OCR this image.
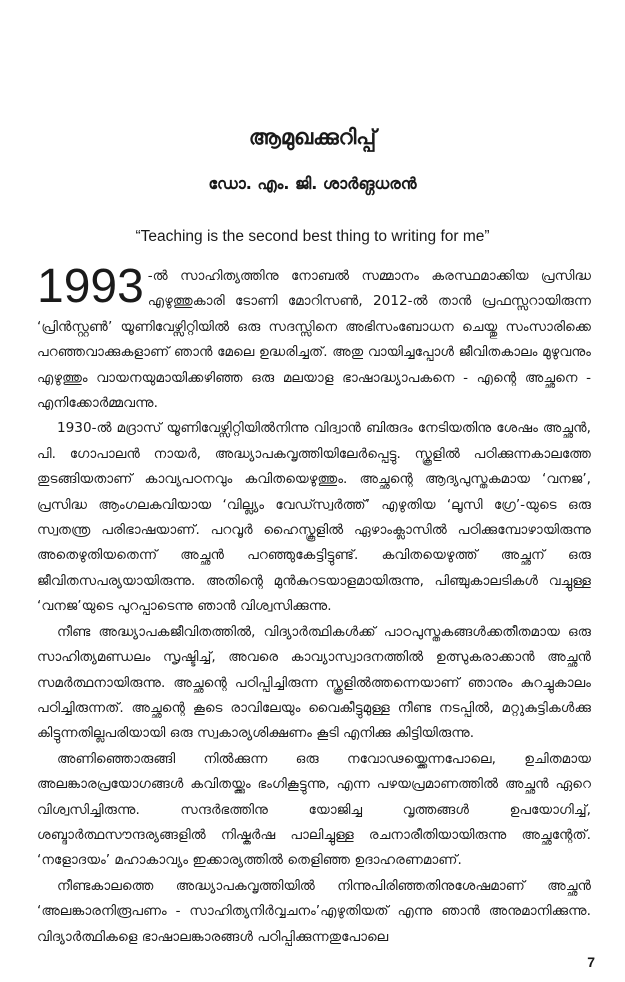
ആമുഖക്കുറിപ്പ്
ഡോ. എം. ജി. ശാർങ്ഗധരൻ
“Teaching is the second best thing to writing for me”

1993 -ൽ സാഹിത്യത്തിനു നോബൽ സമ്മാനം കരസ്ഥമാക്കിയ പ്രസിദ്ധ എഴുത്തുകാരി ടോണി മോറിസൺ, 2012-ൽ താൻ പ്രഫസ്സറായിരുന്ന ‘പ്രിൻസ്റ്റൺ’ യൂണിവേഴ്സിറ്റിയിൽ ഒരു സദസ്സിനെ അഭിസംബോധന ചെയ്തു സംസാരിക്കെ പറഞ്ഞവാക്കുകളാണ് ഞാൻ മേലെ ഉദ്ധരിച്ചത്. അതു വായിച്ചപ്പോൾ ജീവിതകാലം മുഴുവനും എഴുത്തും വായനയുമായിക്കഴിഞ്ഞ ഒരു മലയാള ഭാഷാദ്ധ്യാപകനെ - എന്റെ അച്ഛനെ - എനിക്കോർമ്മവന്നു.

1930-ൽ മദ്രാസ് യൂണിവേഴ്സിറ്റിയിൽനിന്നു വിദ്വാൻ ബിരുദം നേടിയതിനു ശേഷം അച്ഛൻ, പി. ഗോപാലൻ നായർ, അദ്ധ്യാപകവൃത്തിയിലേർപ്പെട്ടു. സ്കൂളിൽ പഠിക്കുന്നകാലത്തേ തുടങ്ങിയതാണ് കാവ്യപഠനവും കവിതയെഴുത്തും. അച്ഛന്റെ ആദ്യപുസ്തകമായ ‘വനജ’, പ്രസിദ്ധ ആംഗലകവിയായ ‘വില്ല്യം വേഡ്സ്വർത്ത്’ എഴുതിയ ‘ലൂസി ഗ്രേ’-യുടെ ഒരു സ്വതന്ത്ര പരിഭാഷയാണ്. പറവൂർ ഹൈസ്കൂളിൽ ഏഴാംക്ലാസിൽ പഠിക്കുമ്പോഴായിരുന്നു അതെഴുതിയതെന്ന് അച്ഛൻ പറഞ്ഞുകേട്ടിട്ടുണ്ട്. കവിതയെഴുത്ത് അച്ഛന് ഒരു ജീവിതസപര്യയായിരുന്നു. അതിന്റെ മുൻകുറടയാളമായിരുന്നു, പിഞ്ചുകാലടികൾ വച്ചുള്ള ‘വനജ’യുടെ പുറപ്പാടെന്നു ഞാൻ വിശ്വസിക്കുന്നു.

നീണ്ട അദ്ധ്യാപകജീവിതത്തിൽ, വിദ്യാർത്ഥികൾക്ക് പാഠപുസ്തകങ്ങൾക്കതീതമായ ഒരു സാഹിത്യമണ്ഡലം സൃഷ്ടിച്ച്, അവരെ കാവ്യാസ്വാദനത്തിൽ ഉത്സുകരാക്കാൻ അച്ഛൻ സമർത്ഥനായിരുന്നു. അച്ഛന്റെ പഠിപ്പിച്ചിരുന്ന സ്കൂളിൽത്തന്നെയാണ് ഞാനും കുറച്ചുകാലം പഠിച്ചിരുന്നത്. അച്ഛന്റെ കൂടെ രാവിലേയും വൈകീട്ടുമുള്ള നീണ്ട നടപ്പിൽ, മറ്റുകുട്ടികൾക്കു കിട്ടുന്നതില്ലപരിയായി ഒരു സ്വകാര്യശിക്ഷണം കൂടി എനിക്കു കിട്ടിയിരുന്നു.

അണിഞ്ഞൊരുങ്ങി നിൽക്കുന്ന ഒരു നവോഢയ്ക്കെന്നപോലെ, ഉചിതമായ അലങ്കാരപ്രയോഗങ്ങൾ കവിതയ്ക്കും ഭംഗികൂട്ടുന്നു, എന്ന പഴയപ്രമാണത്തിൽ അച്ഛൻ ഏറെ വിശ്വസിച്ചിരുന്നു. സന്ദർഭത്തിനു യോജിച്ച വൃത്തങ്ങൾ ഉപയോഗിച്ച്, ശബ്ദാർത്ഥസൗന്ദര്യങ്ങളിൽ നിഷ്കർഷ പാലിച്ചുള്ള രചനാരീതിയായിരുന്നു അച്ഛന്റേത്. ‘നളോദയം’ മഹാകാവ്യം ഇക്കാര്യത്തിൽ തെളിഞ്ഞ ഉദാഹരണമാണ്.

നീണ്ടകാലത്തെ അദ്ധ്യാപകവൃത്തിയിൽ നിന്നുപിരിഞ്ഞതിനുശേഷമാണ് അച്ഛൻ ‘അലങ്കാരനിരൂപണം - സാഹിത്യനിർവ്വചനം’എഴുതിയത് എന്നു ഞാൻ അനുമാനിക്കുന്നു. വിദ്യാർത്ഥികളെ ഭാഷാലങ്കാരങ്ങൾ പഠിപ്പിക്കുന്നതുപോലെ

7
